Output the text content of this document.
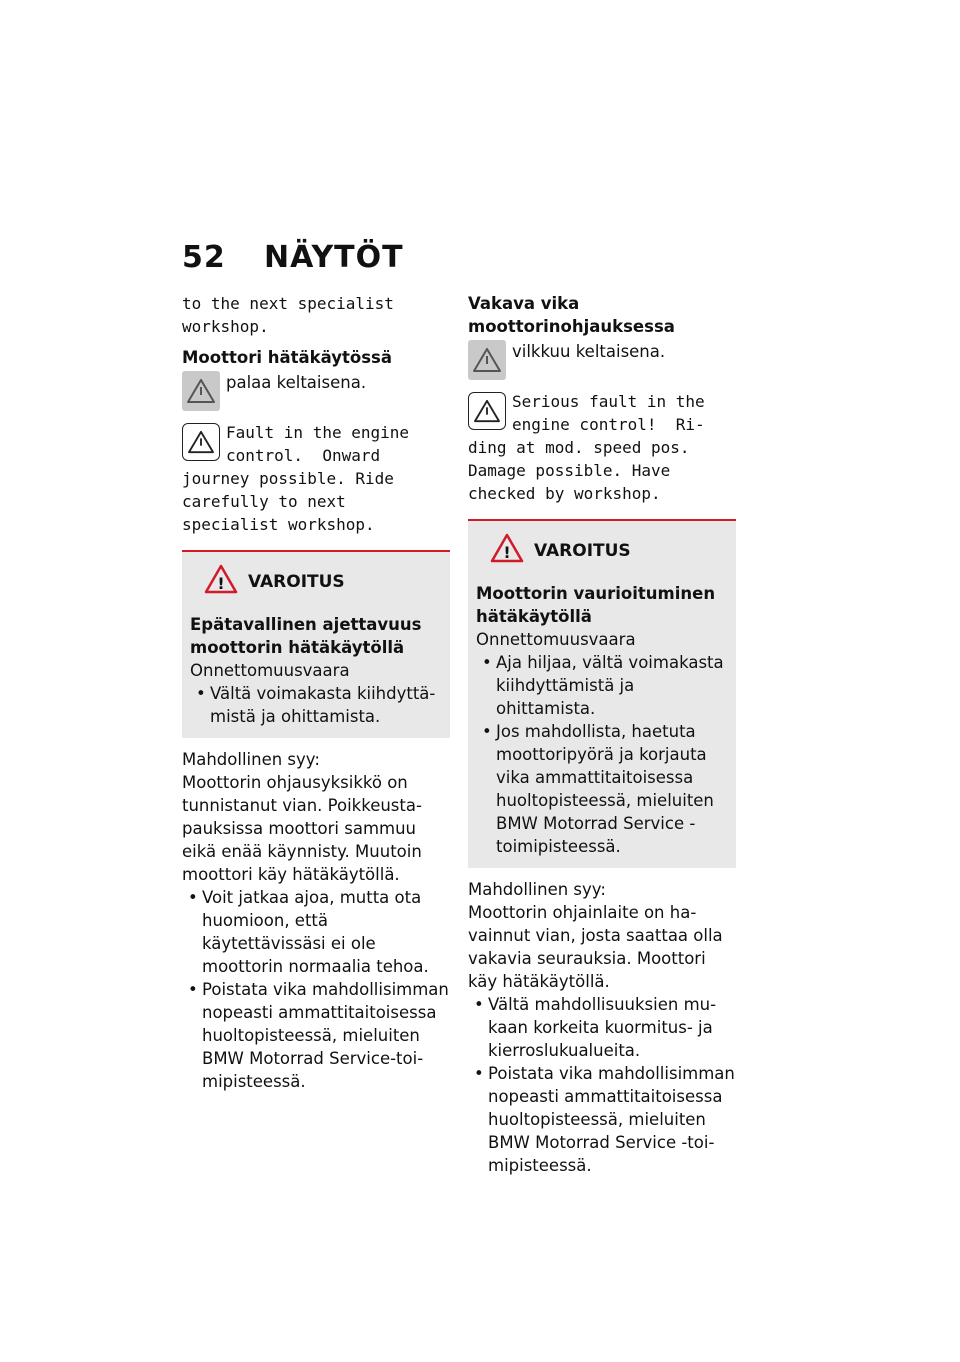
52 NÄYTÖT
to the next specialist workshop.
Moottori hätäkäytössä
palaa keltaisena.
Fault in the engine control.  Onward journey possible. Ride carefully to next specialist workshop.
! VAROITUS
Epätavallinen ajettavuus moottorin hätäkäytöllä
Onnettomuusvaara
• Vältä voimakasta kiihdyttä- mistä ja ohittamista.
Mahdollinen syy:
Moottorin ohjausyksikkö on tunnistanut vian. Poikkeusta- pauksissa moottori sammuu eikä enää käynnisty. Muutoin moottori käy hätäkäytöllä.
• Voit jatkaa ajoa, mutta ota huomioon, että käytettävissäsi ei ole moottorin normaalia tehoa.
• Poistata vika mahdollisimman nopeasti ammattitaitoisessa huoltopisteessä, mieluiten BMW Motorrad Service-toi- mipisteessä.
Vakava vika moottorinohjauksessa
vilkkuu keltaisena.
Serious fault in the engine control!  Ri- ding at mod. speed pos. Damage possible. Have checked by workshop.
! VAROITUS
Moottorin vaurioituminen hätäkäytöllä
Onnettomuusvaara
• Aja hiljaa, vältä voimakasta kiihdyttämistä ja ohittamista.
• Jos mahdollista, haetuta moottoripyörä ja korjauta vika ammattitaitoisessa huoltopisteessä, mieluiten BMW Motorrad Service - toimipisteessä.
Mahdollinen syy:
Moottorin ohjainlaite on ha- vainnut vian, josta saattaa olla vakavia seurauksia. Moottori käy hätäkäytöllä.
• Vältä mahdollisuuksien mu- kaan korkeita kuormitus- ja kierroslukualueita.
• Poistata vika mahdollisimman nopeasti ammattitaitoisessa huoltopisteessä, mieluiten BMW Motorrad Service -toi- mipisteessä.
